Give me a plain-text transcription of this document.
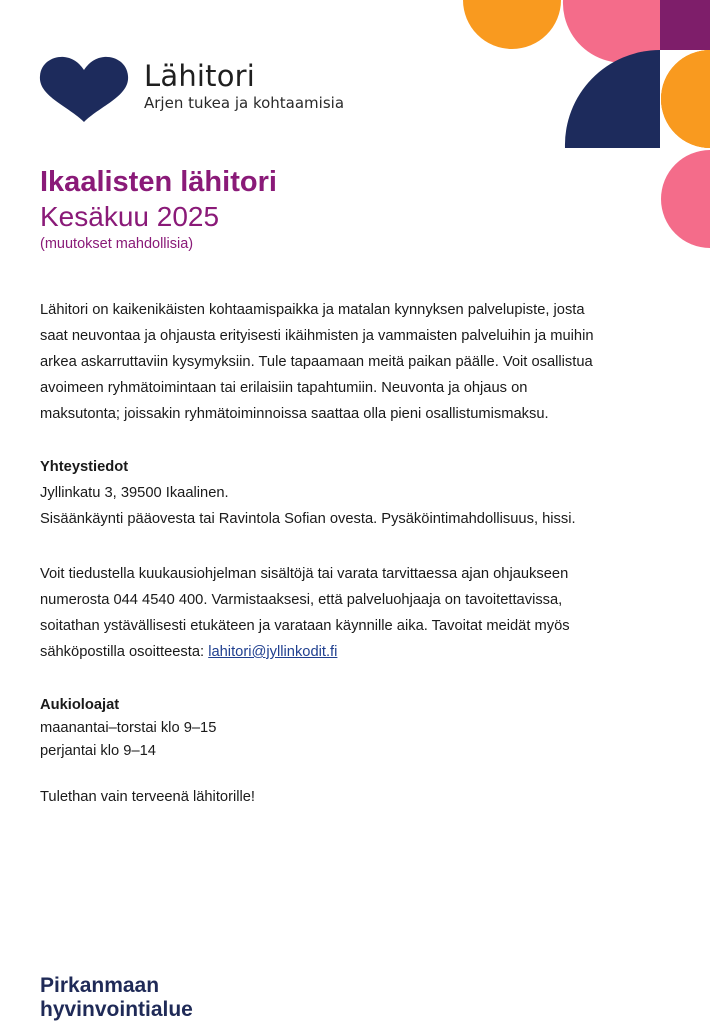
Lähitori

Arjen tukea ja kohtaamisia

Ikaalisten lähitori

Kesäkuu 2025

(muutokset mahdollisia)

Lähitori on kaikenikäisten kohtaamispaikka ja matalan kynnyksen palvelupiste, josta
saat neuvontaa ja ohjausta erityisesti ikäihmisten ja vammaisten palveluihin ja muihin
arkea askarruttaviin kysymyksiin. Tule tapaamaan meitä paikan päälle. Voit osallistua
avoimeen ryhmätoimintaan tai erilaisiin tapahtumiin. Neuvonta ja ohjaus on
maksutonta; joissakin ryhmätoiminnoissa saattaa olla pieni osallistumismaksu.

Yhteystiedot

Jyllinkatu 3, 39500 Ikaalinen.

Sisäänkäynti pääovesta tai Ravintola Sofian ovesta. Pysäköintimahdollisuus, hissi.

Voit tiedustella kuukausiohjelman sisältöjä tai varata tarvittaessa ajan ohjaukseen
numerosta 044 4540 400. Varmistaaksesi, että palveluohjaaja on tavoitettavissa,
soitathan ystävällisesti etukäteen ja varataan käynnille aika. Tavoitat meidät myös
sähköpostilla osoitteesta: lahitori@jyllinkodit.fi

Aukioloajat

maanantai–torstai klo 9–15

perjantai klo 9–14

Tulethan vain terveenä lähitorille!

Pirkanmaan
hyvinvointialue
